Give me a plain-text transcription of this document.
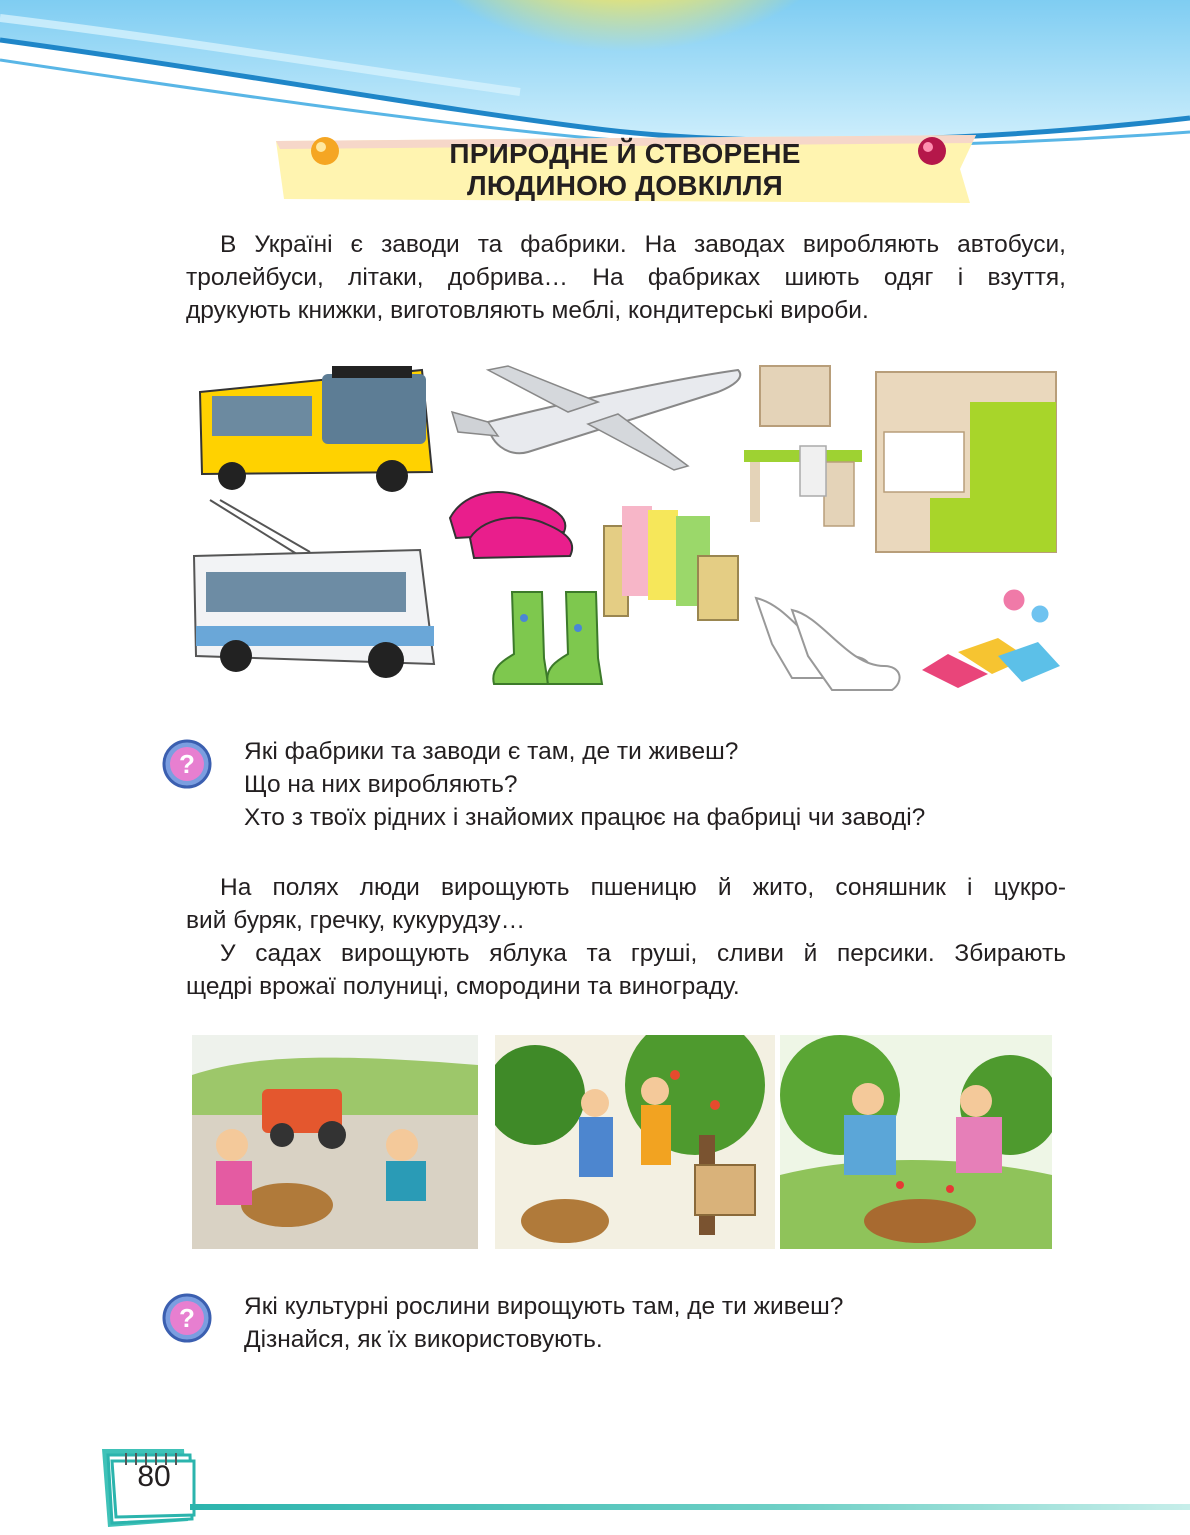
ПРИРОДНЕ Й СТВОРЕНЕ
ЛЮДИНОЮ ДОВКІЛЛЯ
В Україні є заводи та фабрики. На заводах виробляють автобуси,
тролейбуси, літаки, добрива… На фабриках шиють одяг і взуття,
друкують книжки, виготовляють меблі, кондитерські вироби.
? Які фабрики та заводи є там, де ти живеш?
Що на них виробляють?
Хто з твоїх рідних і знайомих працює на фабриці чи заводі?
На полях люди вирощують пшеницю й жито, соняшник і цукро-
вий буряк, гречку, кукурудзу…
У садах вирощують яблука та груші, сливи й персики. Збирають
щедрі врожаї полуниці, смородини та винограду.
? Які культурні рослини вирощують там, де ти живеш?
Дізнайся, як їх використовують.
80
